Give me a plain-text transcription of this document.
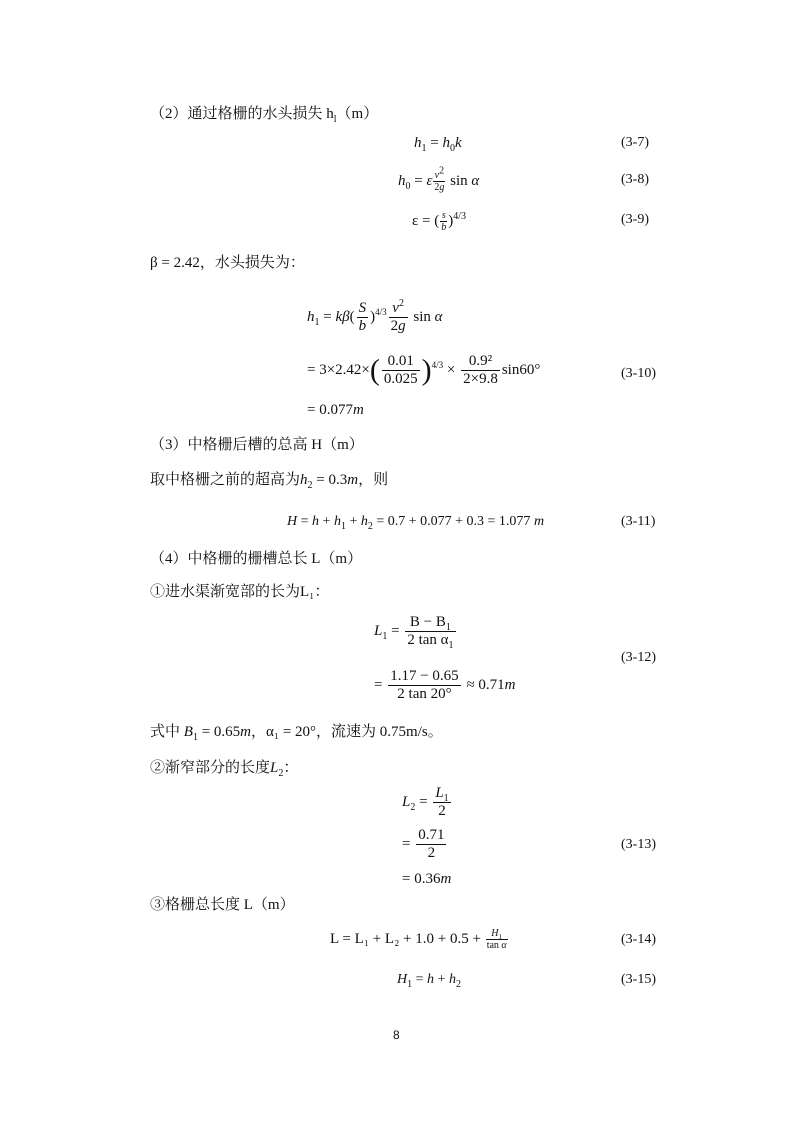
（2）通过格栅的水头损失 $h_l(m)$
$h_1 = h_0k$	(3-7)
$h_0 = \varepsilon \frac{v^2}{2g}$ sin α	(3-8)
ε = ( $\frac{s}{b} )^{4/3}$	(3-9)
β = 2.42，水头损失为：
$h_1 = k\beta( \frac{S}{b} )^{4/3} \frac{v^2}{2g}$ sin α
= $3\times 2.42\times( \frac{0.01}{0.025} )^{4/3} \times \frac{\text{0.9²}}{2\times 9.8} \sin 60^\circ$	(3-10)
= 0.077m
（3）中格栅后槽的总高 H（m）
取中格栅之前的超高为$h_2 = 0.3m$，则
$H = h + h_1 + h_2 = 0.7 + 0.077 + 0.3 = 1.077$ m	(3-11)
（4）中格栅的栅槽总长 L（m）
①进水渠渐宽部的长为L₁：
$L_1 = \frac{B - B_1}{2 \tan \alpha_1}$
(3-12)
= $\frac{1.17 - 0.65}{2 \tan 20^\circ} \approx 0.71m$
式中 $B_1 = 0.65m$，α₁ = 20°，流速为 0.75m/s。
②渐窄部分的长度$L_2$：
$L_2 = \frac{L_1}{2}$
= $\frac{0.71}{2}$	(3-13)
= 0.36m
③格栅总长度 L（m）
$L = L_1 + L_2 + 1.0 + 0.5 + \frac{H_1}{\text{tan α}}$	(3-14)
$H_1 = h + h_2$	(3-15)
8
